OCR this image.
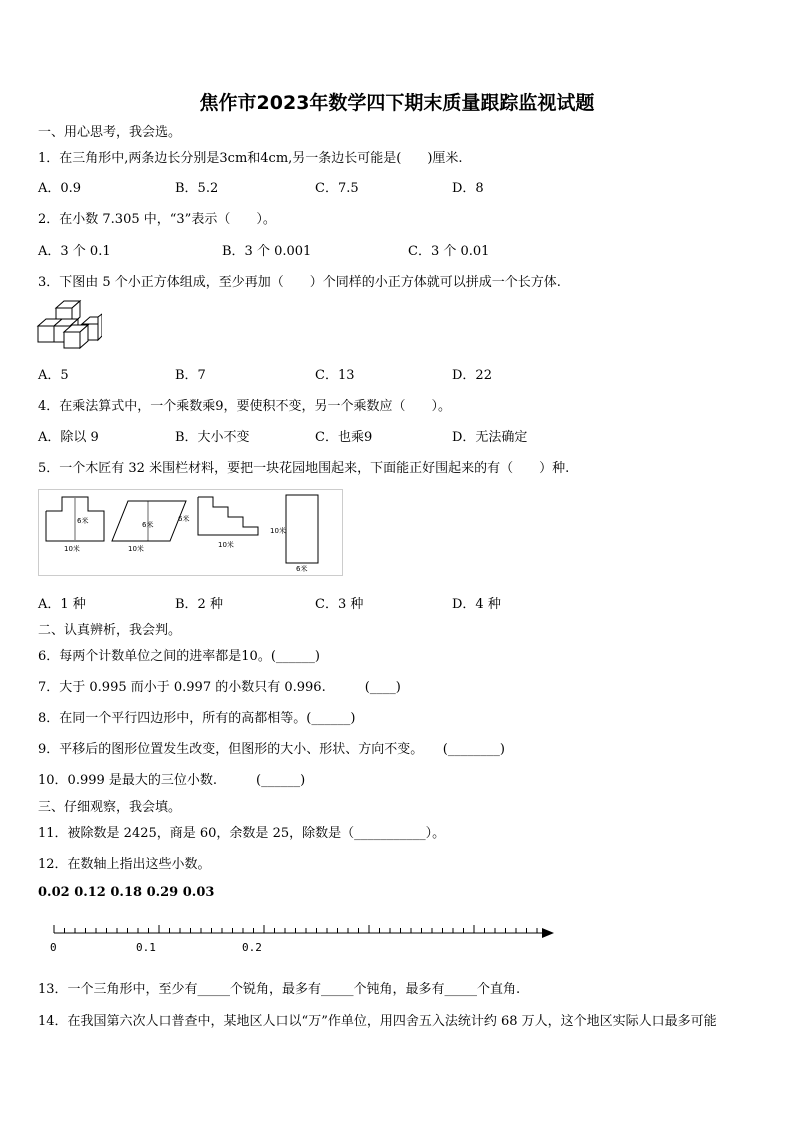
焦作市2023年数学四下期末质量跟踪监视试题
一、用心思考，我会选。
1．在三角形中,两条边长分别是3cm和4cm,另一条边长可能是(　　)厘米.
A．0.9	B．5.2	C．7.5	D．8
2．在小数 7.305 中，“3”表示（　　）。
A．3 个 0.1	B．3 个 0.001	C．3 个 0.01
3．下图由 5 个小正方体组成，至少再加（　　）个同样的小正方体就可以拼成一个长方体.
A．5	B．7	C．13	D．22
4．在乘法算式中，一个乘数乘9，要使积不变，另一个乘数应（　　）。
A．除以 9	B．大小不变	C．也乘9	D．无法确定
5．一个木匠有 32 米围栏材料，要把一块花园地围起来，下面能正好围起来的有（　　）种.
6米
10米
6米
10米
6米
10米
10米
6米
A．1 种	B．2 种	C．3 种	D．4 种
二、认真辨析，我会判。
6．每两个计数单位之间的进率都是10。(______)
7．大于 0.995 而小于 0.997 的小数只有 0.996.　　　(____)
8．在同一个平行四边形中，所有的高都相等。(______)
9．平移后的图形位置发生改变，但图形的大小、形状、方向不变。　　(________)
10．0.999 是最大的三位小数.　　　(______)
三、仔细观察，我会填。
11．被除数是 2425，商是 60，余数是 25，除数是（___________）。
12．在数轴上指出这些小数。
0.02 0.12 0.18 0.29 0.03
0	0.1	0.2
13．一个三角形中，至少有_____个锐角，最多有_____个钝角，最多有_____个直角.
14．在我国第六次人口普查中，某地区人口以“万”作单位，用四舍五入法统计约 68 万人，这个地区实际人口最多可能
